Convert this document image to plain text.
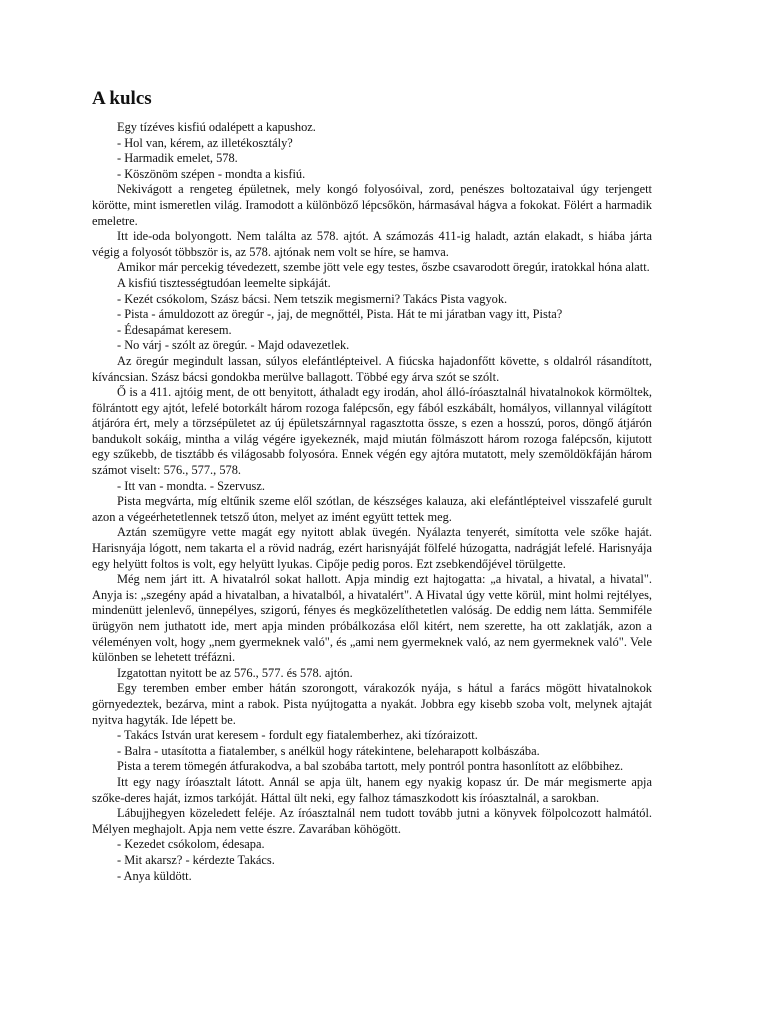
A kulcs

Egy tízéves kisfiú odalépett a kapushoz.

- Hol van, kérem, az illetékosztály?

- Harmadik emelet, 578.

- Köszönöm szépen - mondta a kisfiú.

Nekivágott a rengeteg épületnek, mely kongó folyosóival, zord, penészes boltozataival úgy terjengett körötte, mint ismeretlen világ. Iramodott a különböző lépcsőkön, hármasával hágva a fokokat. Fölért a harmadik emeletre.

Itt ide-oda bolyongott. Nem találta az 578. ajtót. A számozás 411-ig haladt, aztán elakadt, s hiába járta végig a folyosót többször is, az 578. ajtónak nem volt se híre, se hamva.

Amikor már percekig tévedezett, szembe jött vele egy testes, őszbe csavarodott öregúr, iratokkal hóna alatt.

A kisfiú tisztességtudóan leemelte sipkáját.

- Kezét csókolom, Szász bácsi. Nem tetszik megismerni? Takács Pista vagyok.

- Pista - ámuldozott az öregúr -, jaj, de megnőttél, Pista. Hát te mi járatban vagy itt, Pista?

- Édesapámat keresem.

- No várj - szólt az öregúr. - Majd odavezetlek.

Az öregúr megindult lassan, súlyos elefántlépteivel. A fiúcska hajadonfőtt követte, s oldalról rásandított, kíváncsian. Szász bácsi gondokba merülve ballagott. Többé egy árva szót se szólt.

Ő is a 411. ajtóig ment, de ott benyitott, áthaladt egy irodán, ahol álló-íróasztalnál hivatalnokok körmöltek, fölrántott egy ajtót, lefelé botorkált három rozoga falépcsőn, egy fából eszkábált, homályos, villannyal világított átjáróra ért, mely a törzsépületet az új épületszárnnyal ragasztotta össze, s ezen a hosszú, poros, döngő átjárón bandukolt sokáig, mintha a világ végére igyekeznék, majd miután fölmászott három rozoga falépcsőn, kijutott egy szűkebb, de tisztább és világosabb folyosóra. Ennek végén egy ajtóra mutatott, mely szemöldökfáján három számot viselt: 576., 577., 578.

- Itt van - mondta. - Szervusz.

Pista megvárta, míg eltűnik szeme elől szótlan, de készséges kalauza, aki elefántlépteivel visszafelé gurult azon a végeérhetetlennek tetsző úton, melyet az imént együtt tettek meg.

Aztán szemügyre vette magát egy nyitott ablak üvegén. Nyálazta tenyerét, simította vele szőke haját. Harisnyája lógott, nem takarta el a rövid nadrág, ezért harisnyáját fölfelé húzogatta, nadrágját lefelé. Harisnyája egy helyütt foltos is volt, egy helyütt lyukas. Cipője pedig poros. Ezt zsebkendőjével törülgette.

Még nem járt itt. A hivatalról sokat hallott. Apja mindig ezt hajtogatta: „a hivatal, a hivatal, a hivatal". Anyja is: „szegény apád a hivatalban, a hivatalból, a hivatalért". A Hivatal úgy vette körül, mint holmi rejtélyes, mindenütt jelenlevő, ünnepélyes, szigorú, fényes és megközelíthetetlen valóság. De eddig nem látta. Semmiféle ürügyön nem juthatott ide, mert apja minden próbálkozása elől kitért, nem szerette, ha ott zaklatják, azon a véleményen volt, hogy „nem gyermeknek való", és „ami nem gyermeknek való, az nem gyermeknek való". Vele különben se lehetett tréfázni.

Izgatottan nyitott be az 576., 577. és 578. ajtón.

Egy teremben ember ember hátán szorongott, várakozók nyája, s hátul a farács mögött hivatalnokok görnyedeztek, bezárva, mint a rabok. Pista nyújtogatta a nyakát. Jobbra egy kisebb szoba volt, melynek ajtaját nyitva hagyták. Ide lépett be.

- Takács István urat keresem - fordult egy fiatalemberhez, aki tízóraizott.

- Balra - utasította a fiatalember, s anélkül hogy rátekintene, beleharapott kolbászába.

Pista a terem tömegén átfurakodva, a bal szobába tartott, mely pontról pontra hasonlított az előbbihez.

Itt egy nagy íróasztalt látott. Annál se apja ült, hanem egy nyakig kopasz úr. De már megismerte apja szőke-deres haját, izmos tarkóját. Háttal ült neki, egy falhoz támaszkodott kis íróasztalnál, a sarokban.

Lábujjhegyen közeledett feléje. Az íróasztalnál nem tudott tovább jutni a könyvek fölpolcozott halmától. Mélyen meghajolt. Apja nem vette észre. Zavarában köhögött.

- Kezedet csókolom, édesapa.

- Mit akarsz? - kérdezte Takács.

- Anya küldött.
